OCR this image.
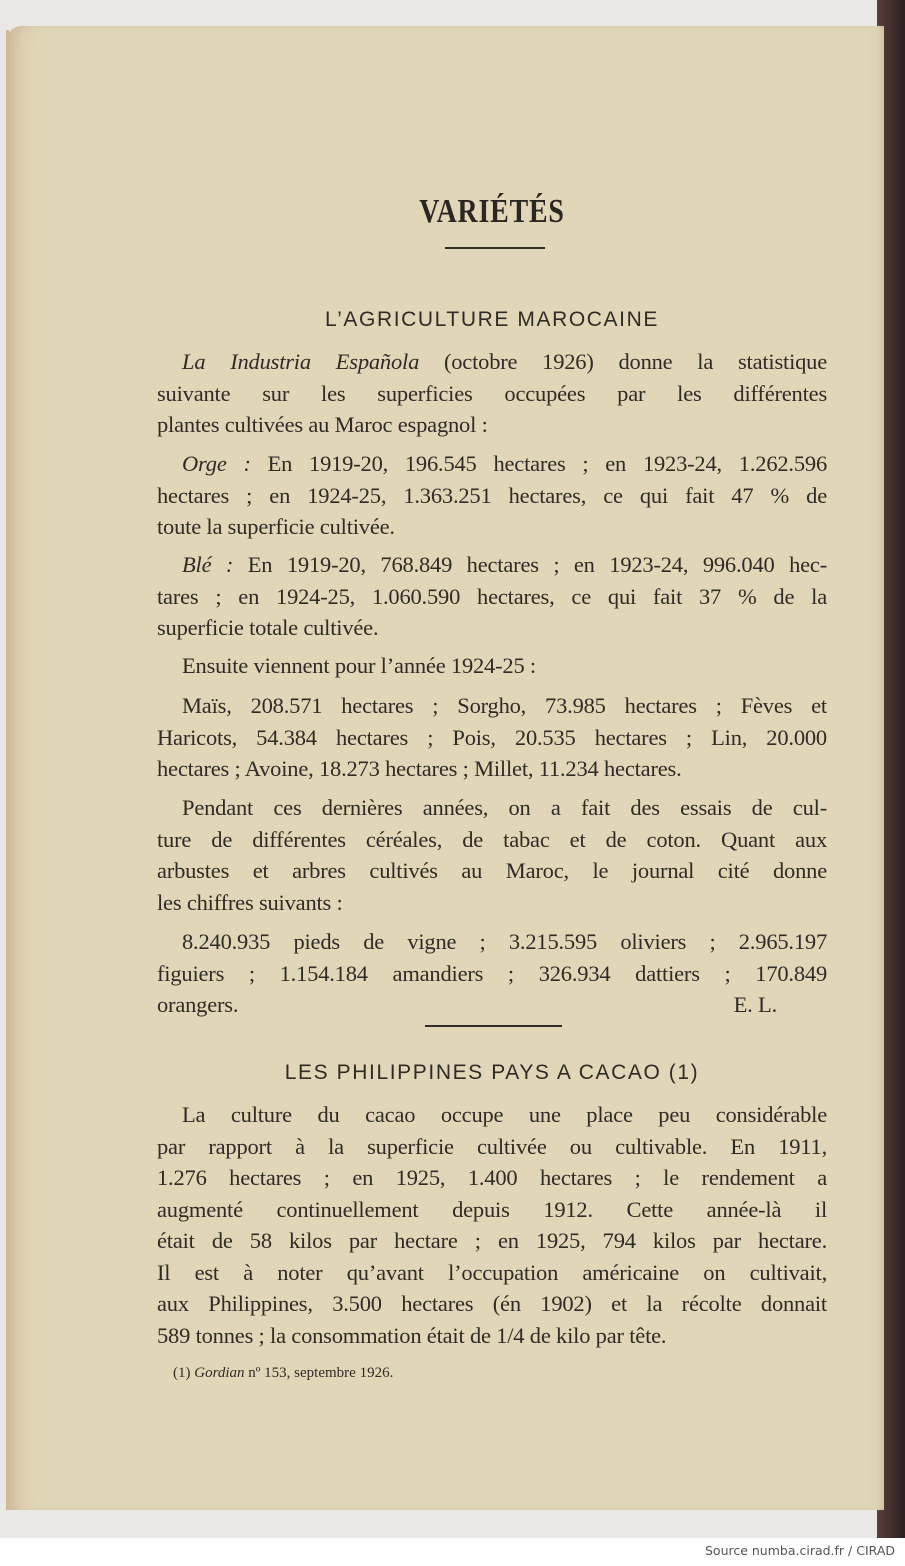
VARIÉTÉS
L’AGRICULTURE MAROCAINE
La Industria Española (octobre 1926) donne la statistique
suivante sur les superficies occupées par les différentes
plantes cultivées au Maroc espagnol :
Orge : En 1919-20, 196.545 hectares ; en 1923-24, 1.262.596
hectares ; en 1924-25, 1.363.251 hectares, ce qui fait 47 % de
toute la superficie cultivée.
Blé : En 1919-20, 768.849 hectares ; en 1923-24, 996.040 hec-
tares ; en 1924-25, 1.060.590 hectares, ce qui fait 37 % de la
superficie totale cultivée.
Ensuite viennent pour l’année 1924-25 :
Maïs, 208.571 hectares ; Sorgho, 73.985 hectares ; Fèves et
Haricots, 54.384 hectares ; Pois, 20.535 hectares ; Lin, 20.000
hectares ; Avoine, 18.273 hectares ; Millet, 11.234 hectares.
Pendant ces dernières années, on a fait des essais de cul-
ture de différentes céréales, de tabac et de coton. Quant aux
arbustes et arbres cultivés au Maroc, le journal cité donne
les chiffres suivants :
8.240.935 pieds de vigne ; 3.215.595 oliviers ; 2.965.197
figuiers ; 1.154.184 amandiers ; 326.934 dattiers ; 170.849
orangers.	E. L.
LES PHILIPPINES PAYS A CACAO (1)
La culture du cacao occupe une place peu considérable
par rapport à la superficie cultivée ou cultivable. En 1911,
1.276 hectares ; en 1925, 1.400 hectares ; le rendement a
augmenté continuellement depuis 1912. Cette année-là il
était de 58 kilos par hectare ; en 1925, 794 kilos par hectare.
Il est à noter qu’avant l’occupation américaine on cultivait,
aux Philippines, 3.500 hectares (én 1902) et la récolte donnait
589 tonnes ; la consommation était de 1/4 de kilo par tête.
(1) Gordian nº 153, septembre 1926.
Source numba.cirad.fr / CIRAD
